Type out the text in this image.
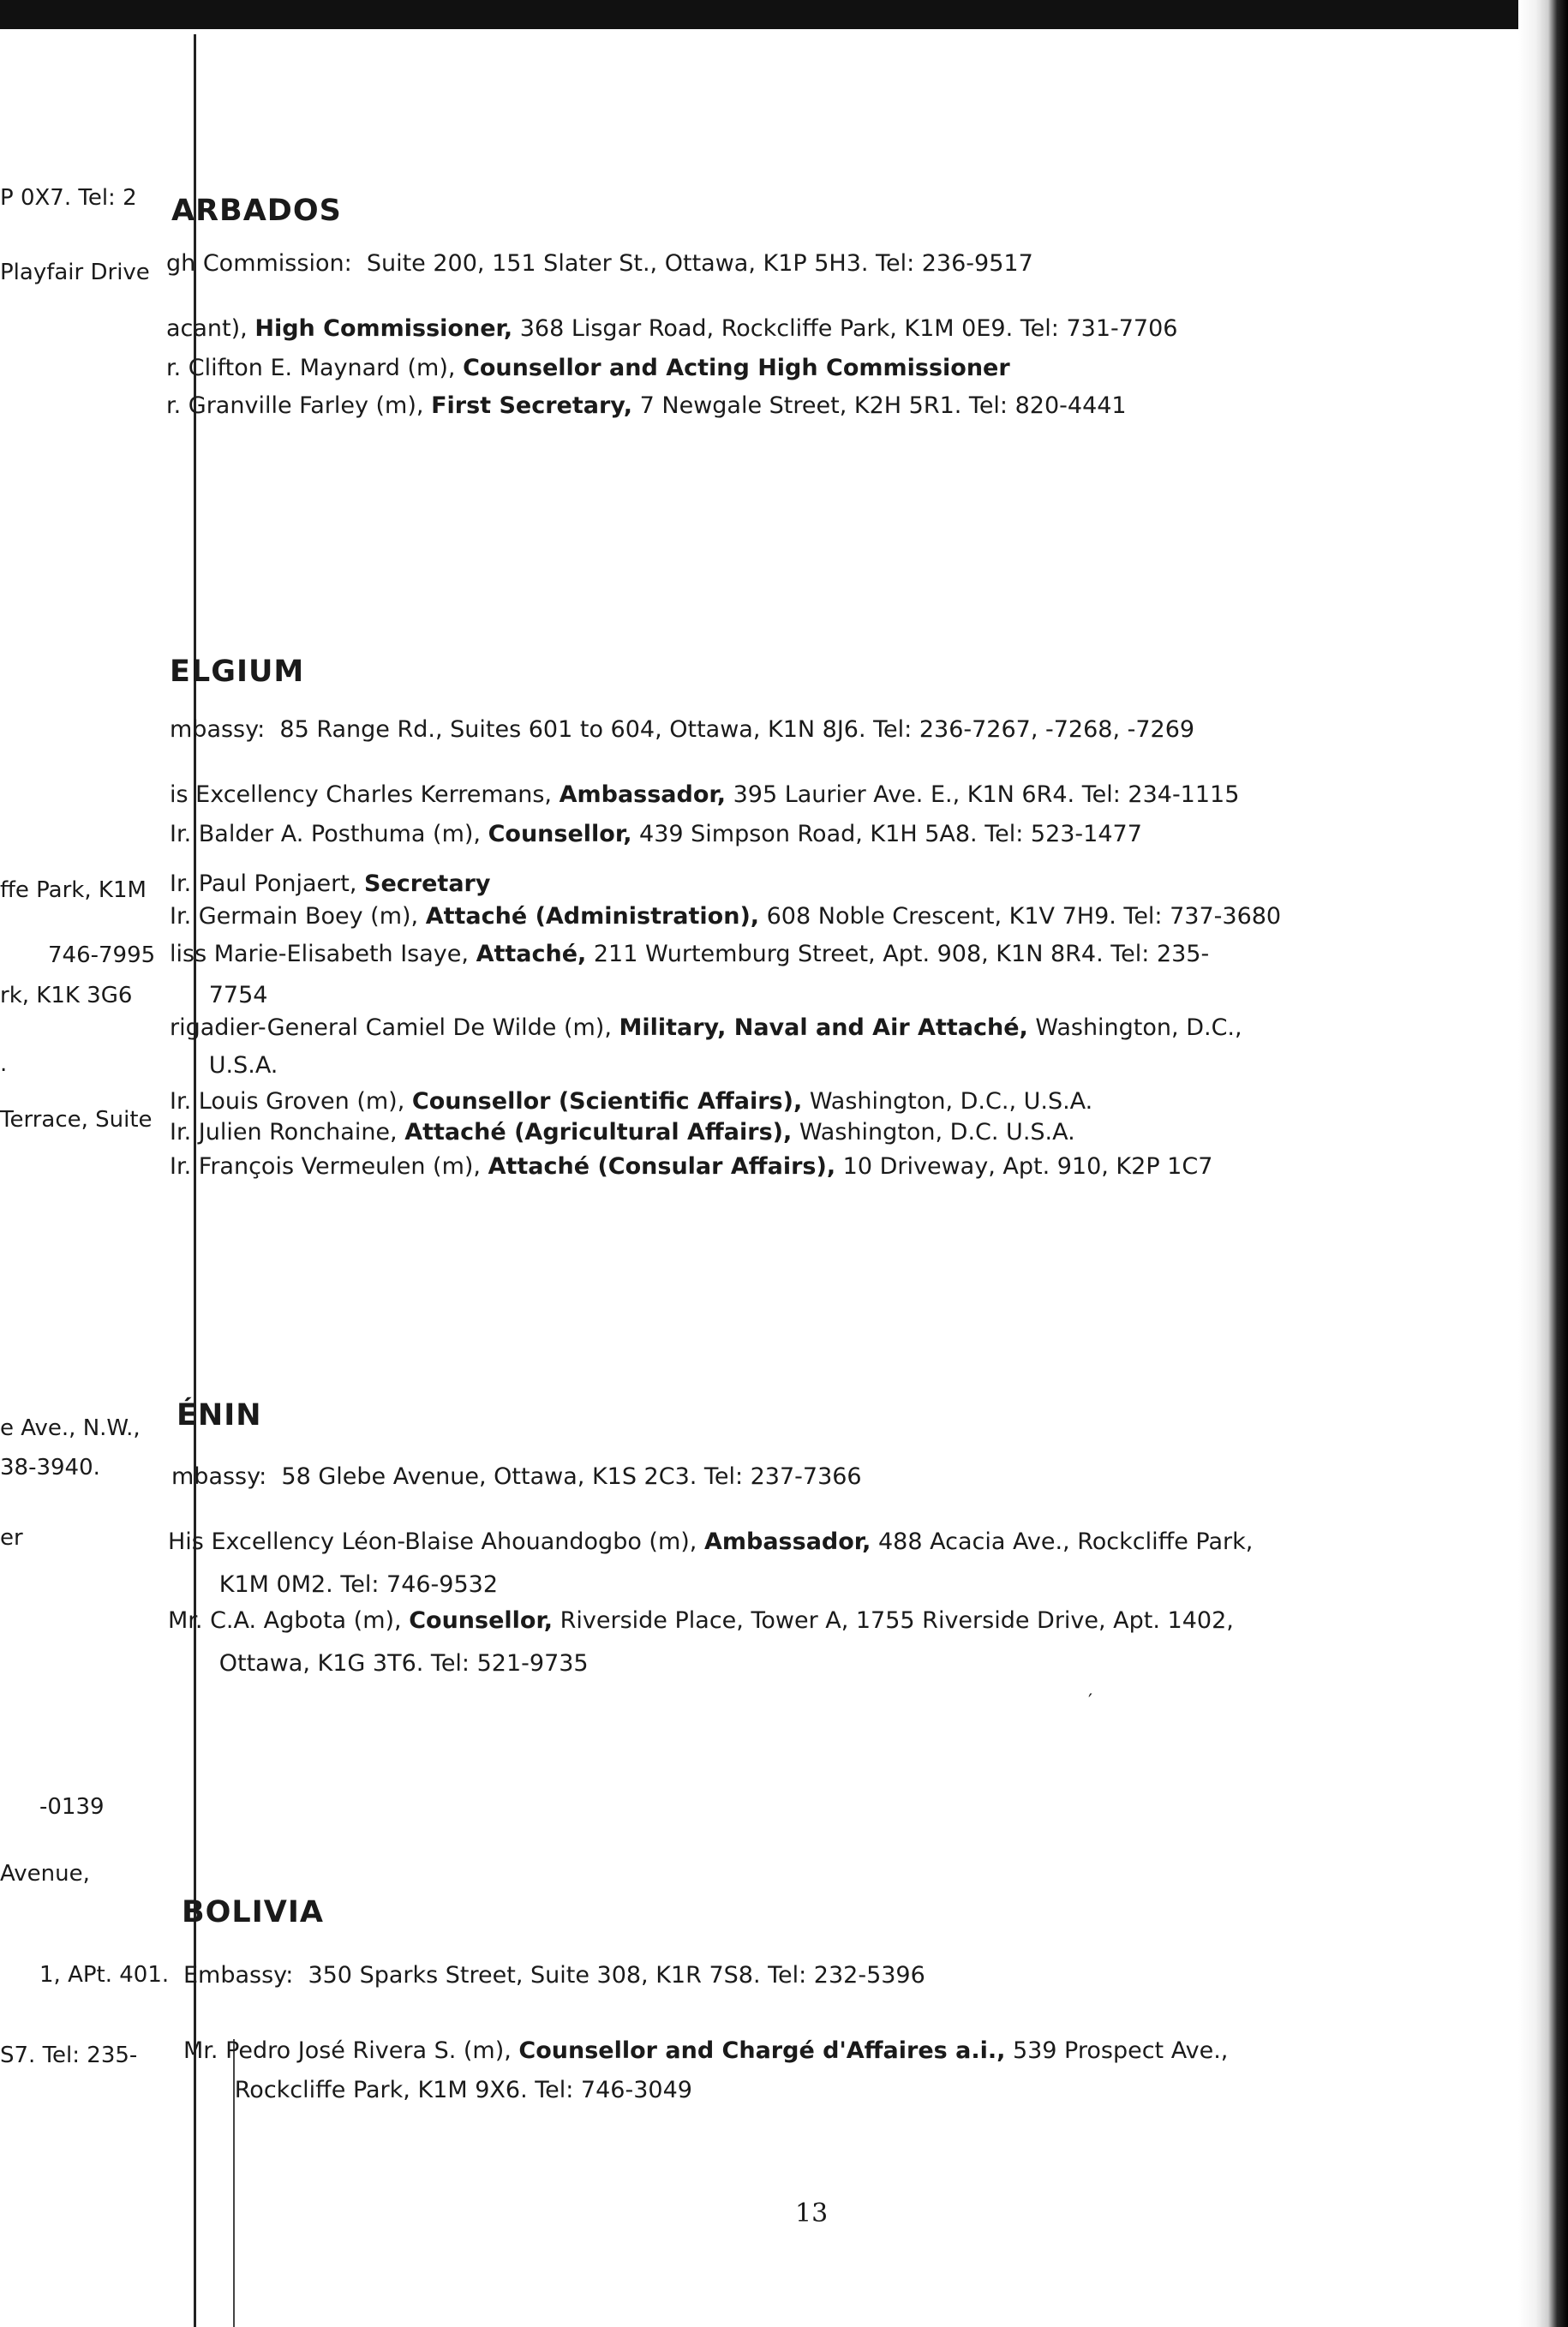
P 0X7. Tel: 2
Playfair Drive
ffe Park, K1M
746-7995
rk, K1K 3G6
.
Terrace, Suite
e Ave., N.W.,
38-3940.
er
-0139
Avenue,
1, APt. 401.
S7. Tel: 235-
ARBADOS
gh Commission:  Suite 200, 151 Slater St., Ottawa, K1P 5H3. Tel: 236-9517
acant), High Commissioner, 368 Lisgar Road, Rockcliffe Park, K1M 0E9. Tel: 731-7706
r. Clifton E. Maynard (m), Counsellor and Acting High Commissioner
r. Granville Farley (m), First Secretary, 7 Newgale Street, K2H 5R1. Tel: 820-4441
ELGIUM
mbassy:  85 Range Rd., Suites 601 to 604, Ottawa, K1N 8J6. Tel: 236-7267, -7268, -7269
is Excellency Charles Kerremans, Ambassador, 395 Laurier Ave. E., K1N 6R4. Tel: 234-1115
Ir. Balder A. Posthuma (m), Counsellor, 439 Simpson Road, K1H 5A8. Tel: 523-1477
Ir. Paul Ponjaert, Secretary
Ir. Germain Boey (m), Attaché (Administration), 608 Noble Crescent, K1V 7H9. Tel: 737-3680
liss Marie-Elisabeth Isaye, Attaché, 211 Wurtemburg Street, Apt. 908, K1N 8R4. Tel: 235-
7754
rigadier-General Camiel De Wilde (m), Military, Naval and Air Attaché, Washington, D.C.,
U.S.A.
Ir. Louis Groven (m), Counsellor (Scientific Affairs), Washington, D.C., U.S.A.
Ir. Julien Ronchaine, Attaché (Agricultural Affairs), Washington, D.C. U.S.A.
Ir. François Vermeulen (m), Attaché (Consular Affairs), 10 Driveway, Apt. 910, K2P 1C7
ÉNIN
mbassy:  58 Glebe Avenue, Ottawa, K1S 2C3. Tel: 237-7366
His Excellency Léon-Blaise Ahouandogbo (m), Ambassador, 488 Acacia Ave., Rockcliffe Park,
K1M 0M2. Tel: 746-9532
Mr. C.A. Agbota (m), Counsellor, Riverside Place, Tower A, 1755 Riverside Drive, Apt. 1402,
Ottawa, K1G 3T6. Tel: 521-9735
′
BOLIVIA
Embassy:  350 Sparks Street, Suite 308, K1R 7S8. Tel: 232-5396
Mr. Pedro José Rivera S. (m), Counsellor and Chargé d'Affaires a.i., 539 Prospect Ave.,
Rockcliffe Park, K1M 9X6. Tel: 746-3049
13
